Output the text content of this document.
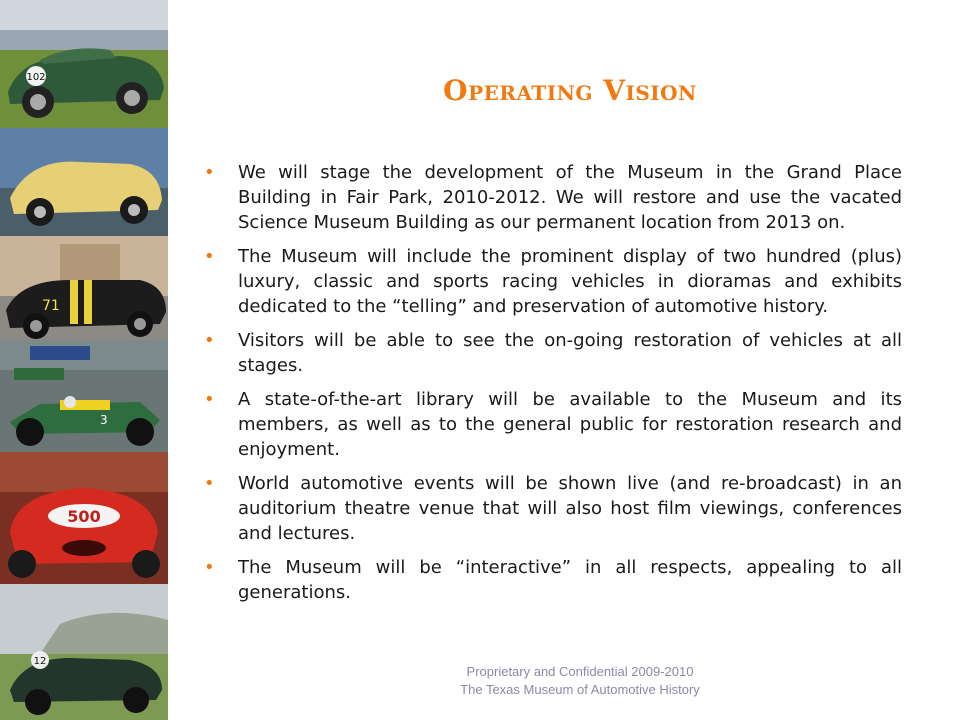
102
71
3
500
12
Operating Vision
• We will stage the development of the Museum in the Grand Place Building in Fair Park, 2010-2012. We will restore and use the vacated Science Museum Building as our permanent location from 2013 on.
• The Museum will include the prominent display of two hundred (plus) luxury, classic and sports racing vehicles in dioramas and exhibits dedicated to the “telling” and preservation of automotive history.
• Visitors will be able to see the on-going restoration of vehicles at all stages.
• A state-of-the-art library will be available to the Museum and its members, as well as to the general public for restoration research and enjoyment.
• World automotive events will be shown live (and re-broadcast) in an auditorium theatre venue that will also host film viewings, conferences and lectures.
• The Museum will be “interactive” in all respects, appealing to all generations.
Proprietary and Confidential 2009-2010
The Texas Museum of Automotive History
